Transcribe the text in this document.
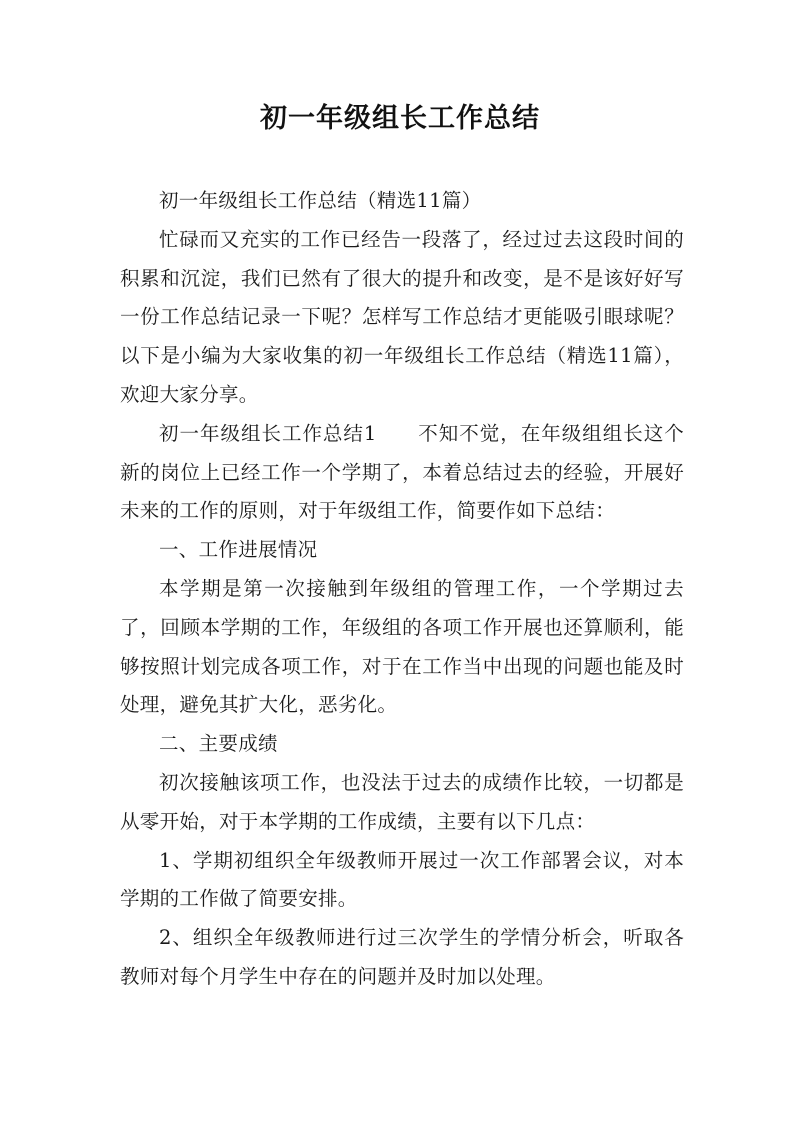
初一年级组长工作总结

初一年级组长工作总结（精选11篇）

忙碌而又充实的工作已经告一段落了，经过过去这段时间的积累和沉淀，我们已然有了很大的提升和改变，是不是该好好写一份工作总结记录一下呢？怎样写工作总结才更能吸引眼球呢？以下是小编为大家收集的初一年级组长工作总结（精选11篇），欢迎大家分享。

初一年级组长工作总结1　　不知不觉，在年级组组长这个新的岗位上已经工作一个学期了，本着总结过去的经验，开展好未来的工作的原则，对于年级组工作，简要作如下总结：

一、工作进展情况

本学期是第一次接触到年级组的管理工作，一个学期过去了，回顾本学期的工作，年级组的各项工作开展也还算顺利，能够按照计划完成各项工作，对于在工作当中出现的问题也能及时处理，避免其扩大化，恶劣化。

二、主要成绩

初次接触该项工作，也没法于过去的成绩作比较，一切都是从零开始，对于本学期的工作成绩，主要有以下几点：

1、学期初组织全年级教师开展过一次工作部署会议，对本学期的工作做了简要安排。

2、组织全年级教师进行过三次学生的学情分析会，听取各教师对每个月学生中存在的问题并及时加以处理。
